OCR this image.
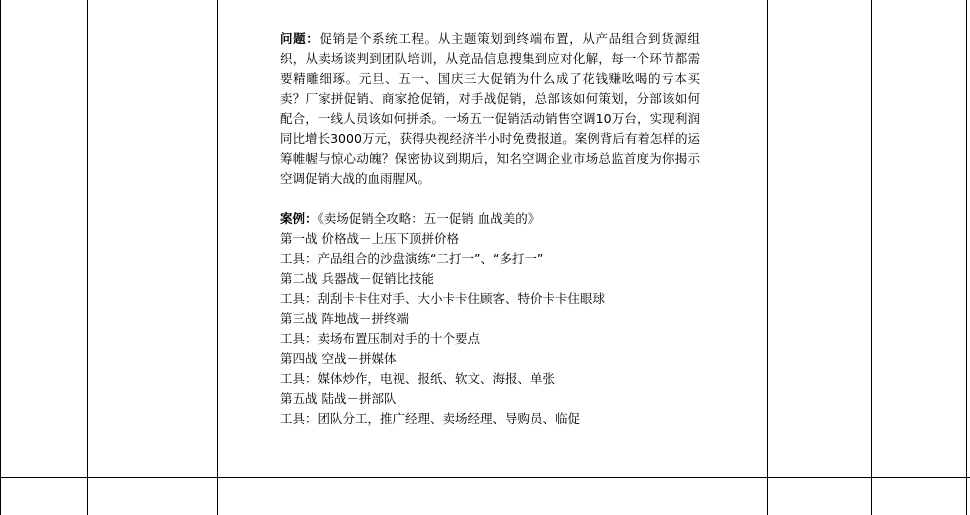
问题：促销是个系统工程。从主题策划到终端布置，从产品组合到货源组织，从卖场谈判到团队培训，从竞品信息搜集到应对化解，每一个环节都需要精雕细琢。元旦、五一、国庆三大促销为什么成了花钱赚吆喝的亏本买卖？厂家拼促销、商家抢促销，对手战促销，总部该如何策划，分部该如何配合，一线人员该如何拼杀。一场五一促销活动销售空调10万台，实现利润同比增长3000万元，获得央视经济半小时免费报道。案例背后有着怎样的运筹帷幄与惊心动魄？保密协议到期后，知名空调企业市场总监首度为你揭示空调促销大战的血雨腥风。

案例：《卖场促销全攻略：五一促销 血战美的》
第一战 价格战－上压下顶拼价格
工具：产品组合的沙盘演练“二打一”、“多打一”
第二战 兵器战－促销比技能
工具：刮刮卡卡住对手、大小卡卡住顾客、特价卡卡住眼球
第三战 阵地战－拼终端
工具：卖场布置压制对手的十个要点
第四战 空战－拼媒体
工具：媒体炒作，电视、报纸、软文、海报、单张
第五战 陆战－拼部队
工具：团队分工，推广经理、卖场经理、导购员、临促
